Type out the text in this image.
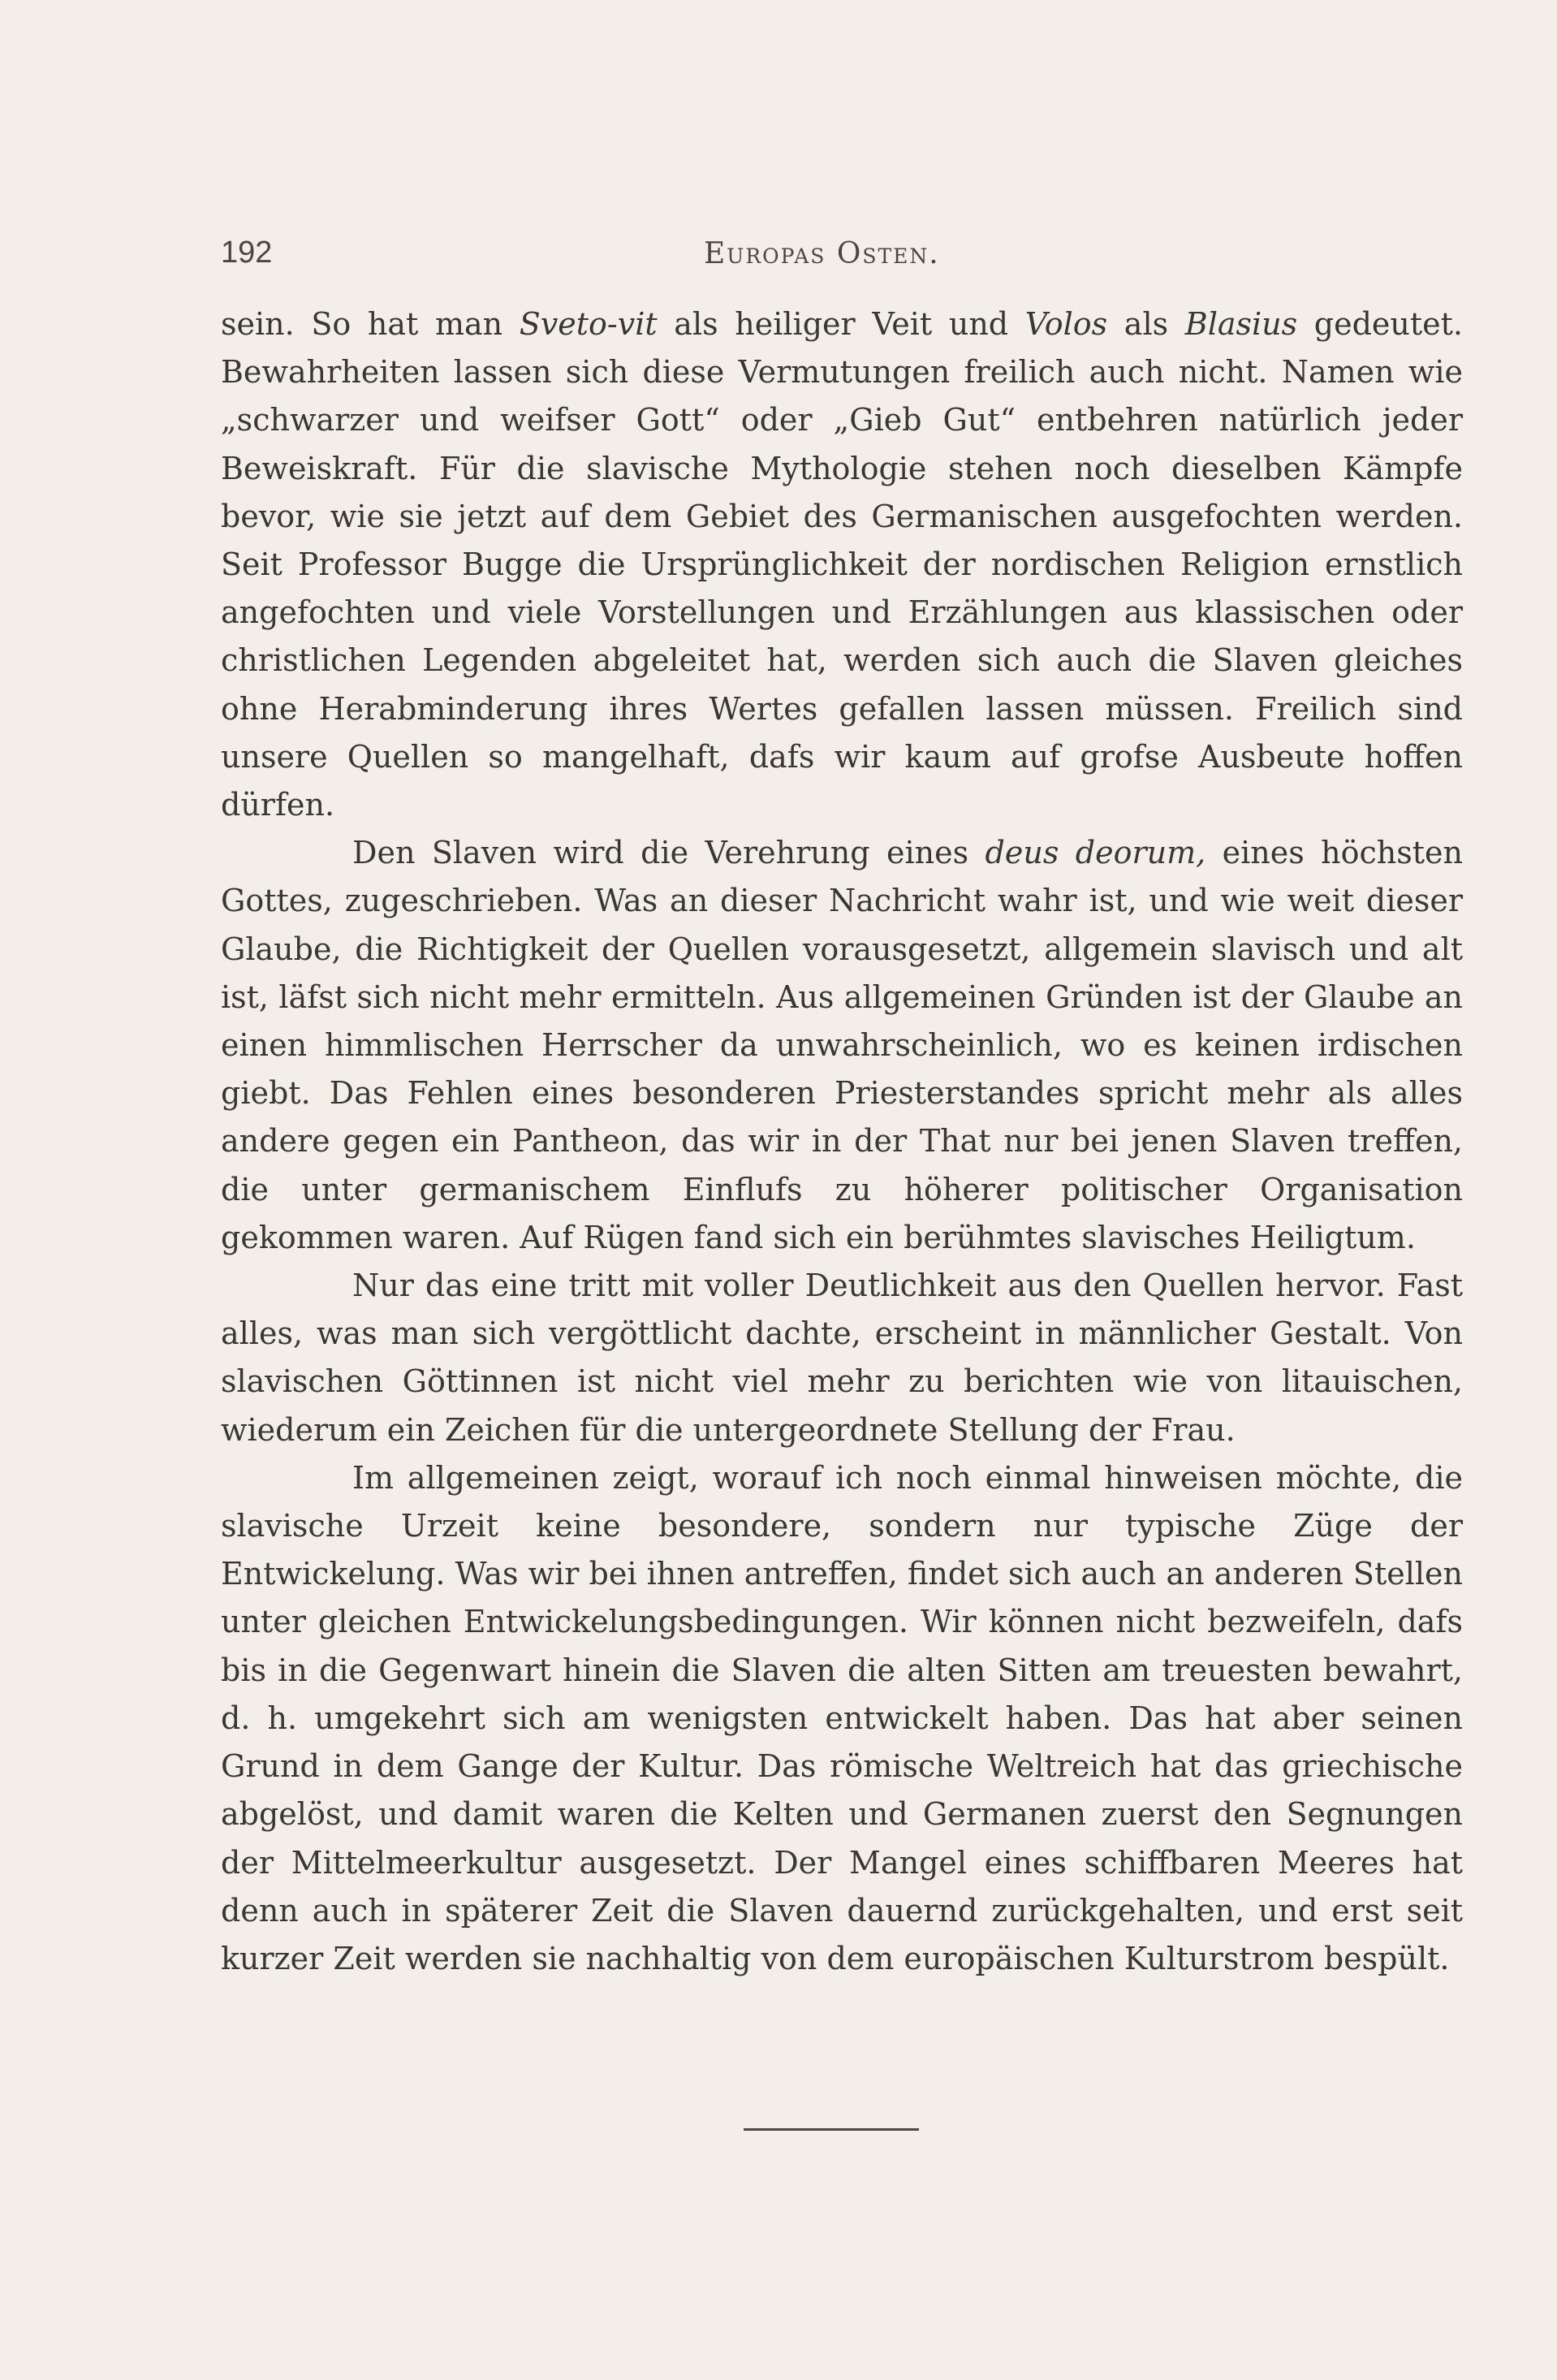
192	Europas Osten.

sein. So hat man Sveto-vit als heiliger Veit und Volos als Blasius gedeutet. Bewahrheiten lassen sich diese Vermutungen freilich auch nicht. Namen wie „schwarzer und weifser Gott“ oder „Gieb Gut“ entbehren natürlich jeder Beweiskraft. Für die slavische Mythologie stehen noch dieselben Kämpfe bevor, wie sie jetzt auf dem Gebiet des Germanischen ausgefochten werden. Seit Professor Bugge die Ursprünglichkeit der nordischen Religion ernstlich angefochten und viele Vorstellungen und Erzählungen aus klassischen oder christlichen Legenden abgeleitet hat, werden sich auch die Slaven gleiches ohne Herabminderung ihres Wertes gefallen lassen müssen. Freilich sind unsere Quellen so mangelhaft, dafs wir kaum auf grofse Ausbeute hoffen dürfen.

Den Slaven wird die Verehrung eines deus deorum, eines höchsten Gottes, zugeschrieben. Was an dieser Nachricht wahr ist, und wie weit dieser Glaube, die Richtigkeit der Quellen vorausgesetzt, allgemein slavisch und alt ist, läfst sich nicht mehr ermitteln. Aus allgemeinen Gründen ist der Glaube an einen himmlischen Herrscher da unwahrscheinlich, wo es keinen irdischen giebt. Das Fehlen eines besonderen Priesterstandes spricht mehr als alles andere gegen ein Pantheon, das wir in der That nur bei jenen Slaven treffen, die unter germanischem Einflufs zu höherer politischer Organisation gekommen waren. Auf Rügen fand sich ein berühmtes slavisches Heiligtum.

Nur das eine tritt mit voller Deutlichkeit aus den Quellen hervor. Fast alles, was man sich vergöttlicht dachte, erscheint in männlicher Gestalt. Von slavischen Göttinnen ist nicht viel mehr zu berichten wie von litauischen, wiederum ein Zeichen für die untergeordnete Stellung der Frau.

Im allgemeinen zeigt, worauf ich noch einmal hinweisen möchte, die slavische Urzeit keine besondere, sondern nur typische Züge der Entwickelung. Was wir bei ihnen antreffen, findet sich auch an anderen Stellen unter gleichen Entwickelungsbedingungen. Wir können nicht bezweifeln, dafs bis in die Gegenwart hinein die Slaven die alten Sitten am treuesten bewahrt, d. h. umgekehrt sich am wenigsten entwickelt haben. Das hat aber seinen Grund in dem Gange der Kultur. Das römische Weltreich hat das griechische abgelöst, und damit waren die Kelten und Germanen zuerst den Segnungen der Mittelmeerkultur ausgesetzt. Der Mangel eines schiffbaren Meeres hat denn auch in späterer Zeit die Slaven dauernd zurückgehalten, und erst seit kurzer Zeit werden sie nachhaltig von dem europäischen Kulturstrom bespült.
